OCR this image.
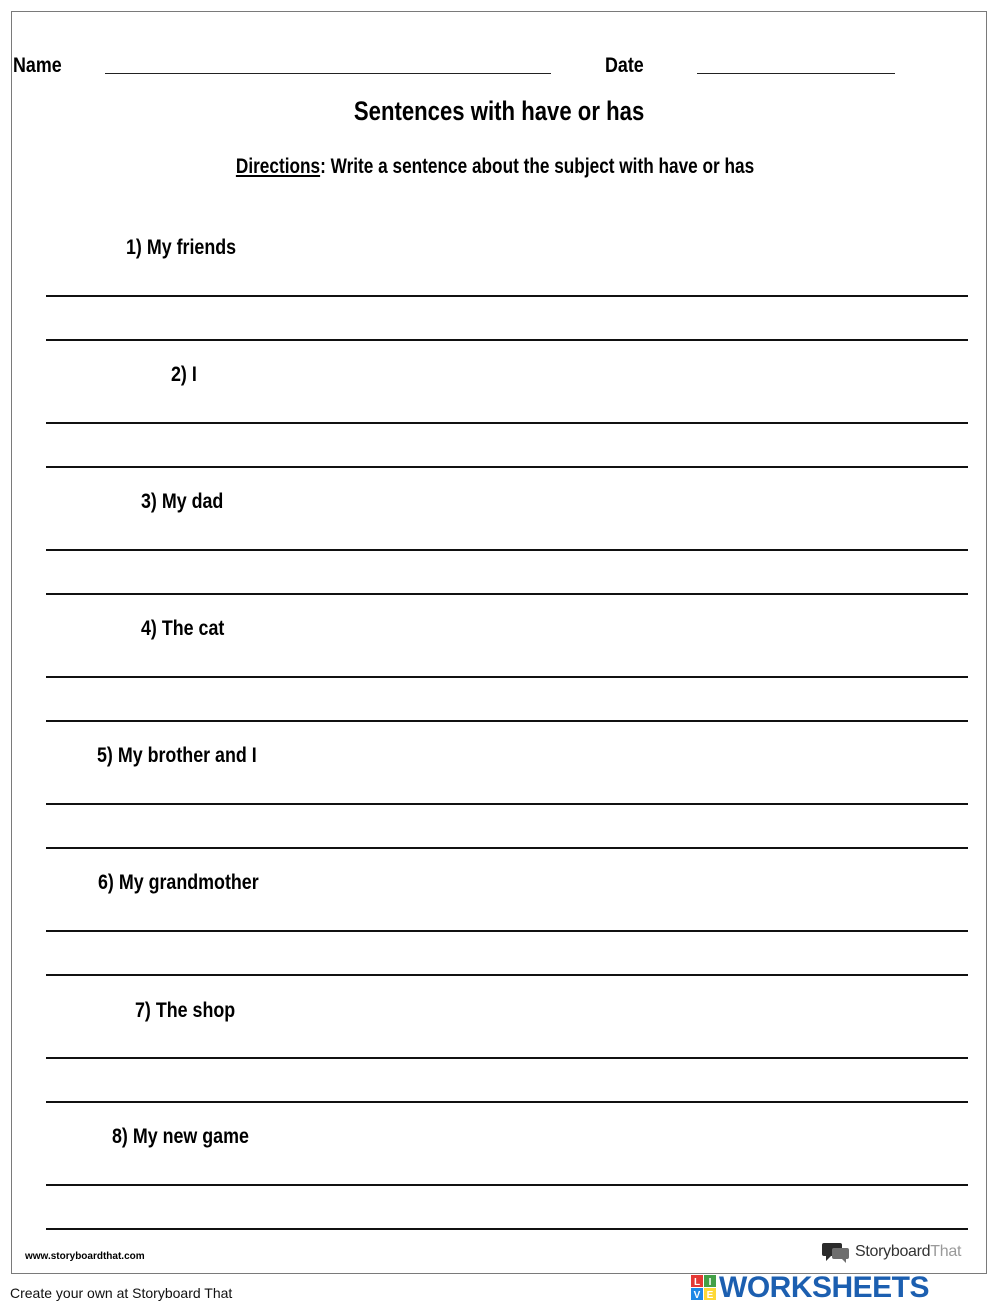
Name	Date
Sentences with have or has
Directions: Write a sentence about the subject with have or has
1) My friends
2) I
3) My dad
4) The cat
5) My brother and I
6) My grandmother
7) The shop
8) My new game
www.storyboardthat.com	StoryboardThat
Create your own at Storyboard That
L I
V E WORKSHEETS
